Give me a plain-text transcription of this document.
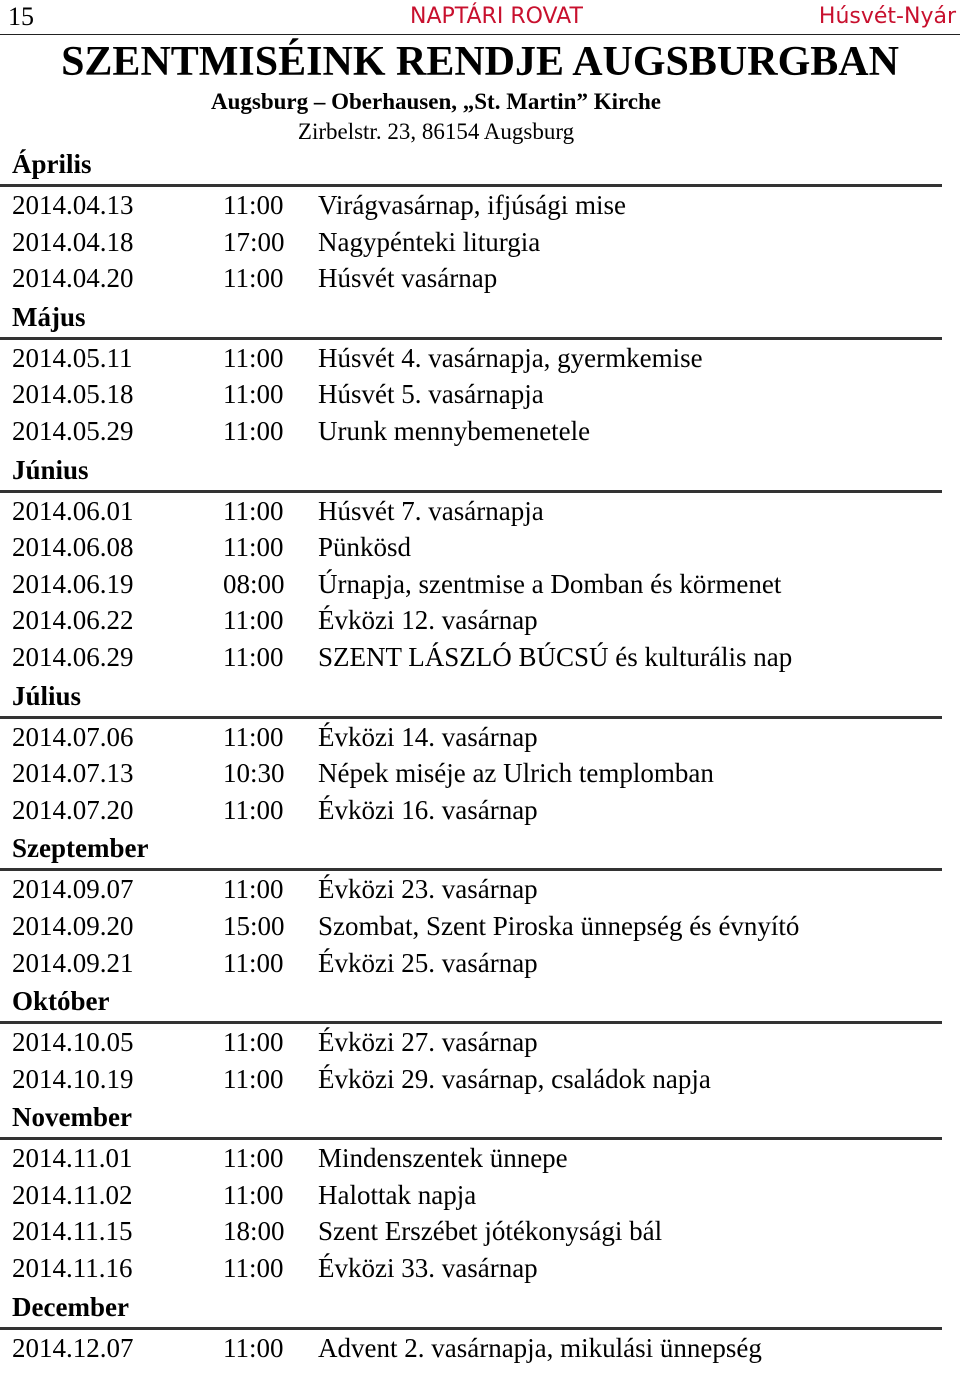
15	NAPTÁRI ROVAT	Húsvét-Nyár
SZENTMISÉINK RENDJE AUGSBURGBAN
Augsburg – Oberhausen, „St. Martin” Kirche
Zirbelstr. 23, 86154 Augsburg
Április
2014.04.13	11:00 Virágvasárnap, ifjúsági mise
2014.04.18	17:00 Nagypénteki liturgia
2014.04.20	11:00 Húsvét vasárnap
Május
2014.05.11	11:00 Húsvét 4. vasárnapja, gyermkemise
2014.05.18	11:00 Húsvét 5. vasárnapja
2014.05.29	11:00 Urunk mennybemenetele
Június
2014.06.01	11:00 Húsvét 7. vasárnapja
2014.06.08	11:00 Pünkösd
2014.06.19	08:00 Úrnapja, szentmise a Domban és körmenet
2014.06.22	11:00 Évközi 12. vasárnap
2014.06.29	11:00 SZENT LÁSZLÓ BÚCSÚ és kulturális nap
Július
2014.07.06	11:00 Évközi 14. vasárnap
2014.07.13	10:30 Népek miséje az Ulrich templomban
2014.07.20	11:00 Évközi 16. vasárnap
Szeptember
2014.09.07	11:00 Évközi 23. vasárnap
2014.09.20	15:00 Szombat, Szent Piroska ünnepség és évnyító
2014.09.21	11:00 Évközi 25. vasárnap
Október
2014.10.05	11:00 Évközi 27. vasárnap
2014.10.19	11:00 Évközi 29. vasárnap, családok napja
November
2014.11.01	11:00 Mindenszentek ünnepe
2014.11.02	11:00 Halottak napja
2014.11.15	18:00 Szent Erszébet jótékonysági bál
2014.11.16	11:00 Évközi 33. vasárnap
December
2014.12.07	11:00 Advent 2. vasárnapja, mikulási ünnepség
